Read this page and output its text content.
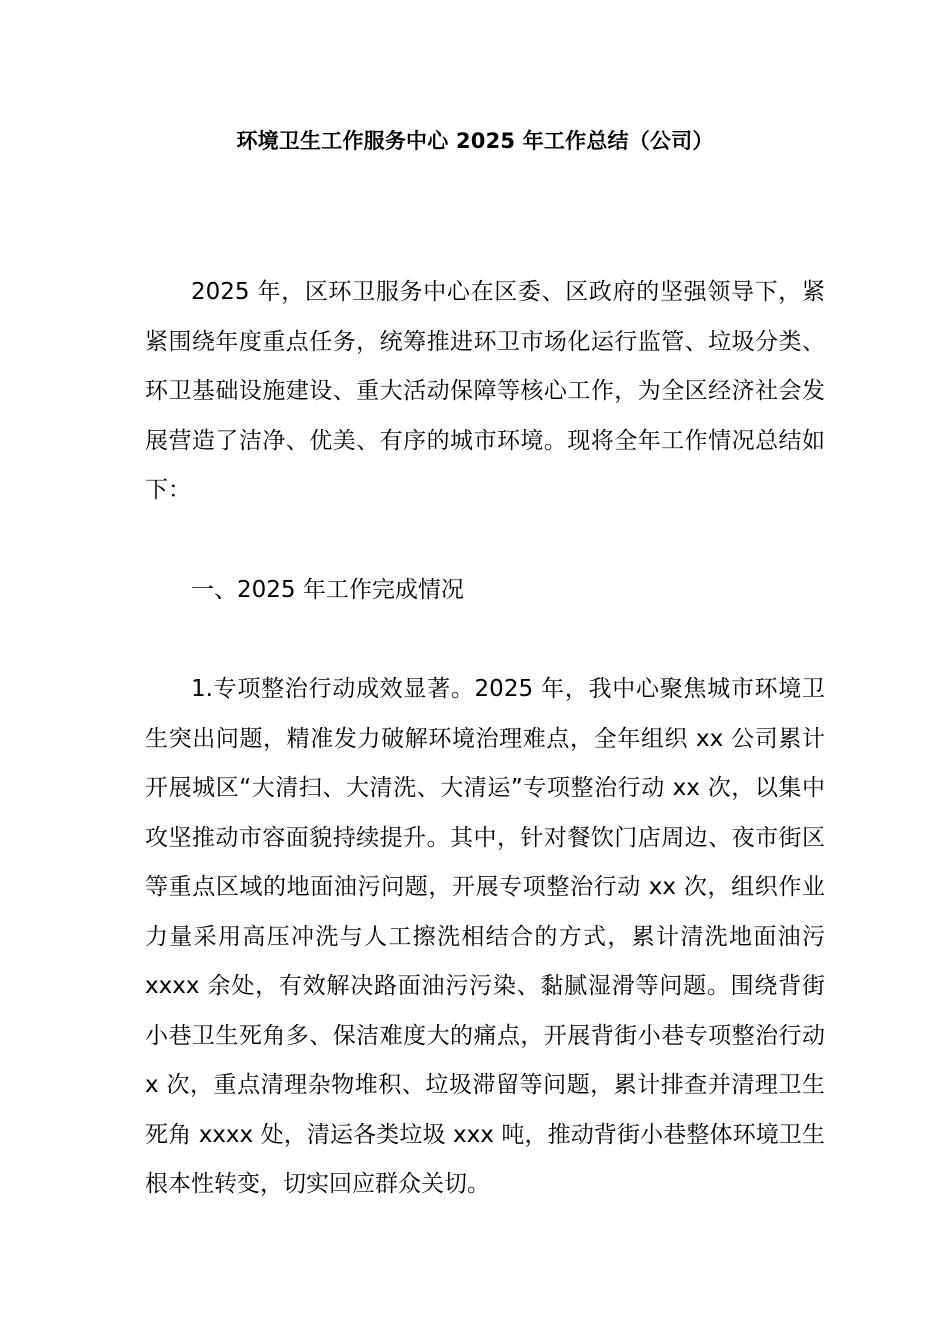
环境卫生工作服务中心 2025 年工作总结（公司）

2025 年，区环卫服务中心在区委、区政府的坚强领导下，紧紧围绕年度重点任务，统筹推进环卫市场化运行监管、垃圾分类、环卫基础设施建设、重大活动保障等核心工作，为全区经济社会发展营造了洁净、优美、有序的城市环境。现将全年工作情况总结如下：

一、2025 年工作完成情况

1.专项整治行动成效显著。2025 年，我中心聚焦城市环境卫生突出问题，精准发力破解环境治理难点，全年组织 xx 公司累计开展城区“大清扫、大清洗、大清运”专项整治行动 xx 次，以集中攻坚推动市容面貌持续提升。其中，针对餐饮门店周边、夜市街区等重点区域的地面油污问题，开展专项整治行动 xx 次，组织作业力量采用高压冲洗与人工擦洗相结合的方式，累计清洗地面油污 xxxx 余处，有效解决路面油污污染、黏腻湿滑等问题。围绕背街小巷卫生死角多、保洁难度大的痛点，开展背街小巷专项整治行动 x 次，重点清理杂物堆积、垃圾滞留等问题，累计排查并清理卫生死角 xxxx 处，清运各类垃圾 xxx 吨，推动背街小巷整体环境卫生根本性转变，切实回应群众关切。
